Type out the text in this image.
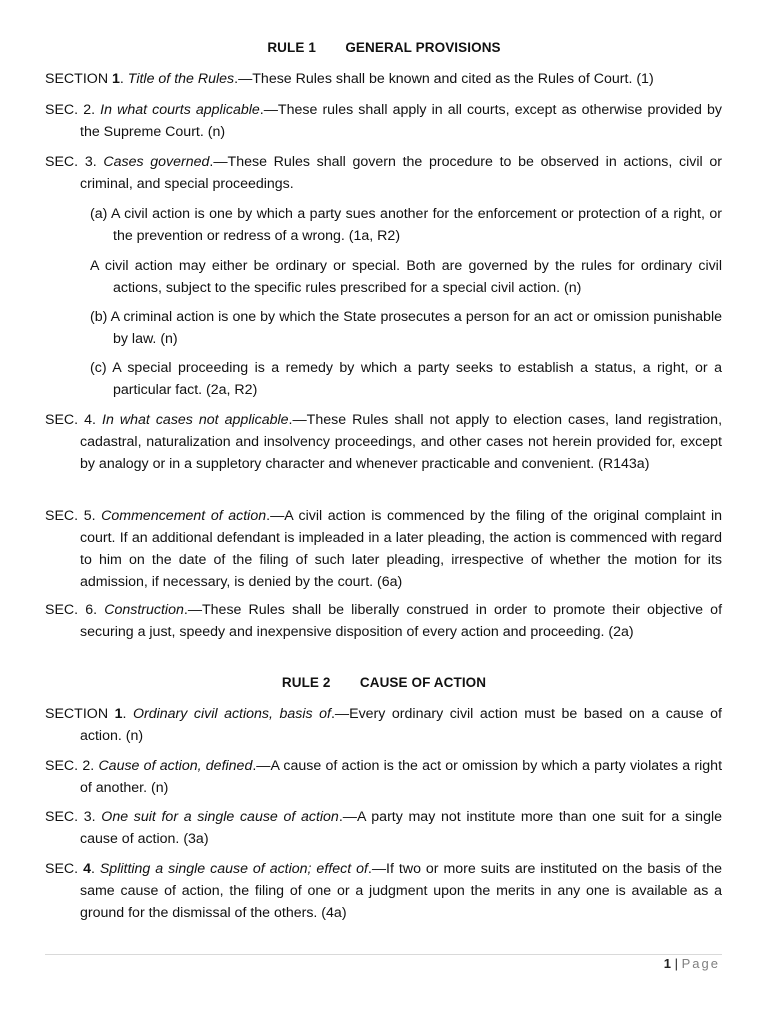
RULE 1 GENERAL PROVISIONS
SECTION 1. Title of the Rules.—These Rules shall be known and cited as the Rules of Court. (1)
SEC. 2. In what courts applicable.—These rules shall apply in all courts, except as otherwise provided by the Supreme Court. (n)
SEC. 3. Cases governed.—These Rules shall govern the procedure to be observed in actions, civil or criminal, and special proceedings.
(a) A civil action is one by which a party sues another for the enforcement or protection of a right, or the prevention or redress of a wrong. (1a, R2)
A civil action may either be ordinary or special. Both are governed by the rules for ordinary civil actions, subject to the specific rules prescribed for a special civil action. (n)
(b) A criminal action is one by which the State prosecutes a person for an act or omission punishable by law. (n)
(c) A special proceeding is a remedy by which a party seeks to establish a status, a right, or a particular fact. (2a, R2)
SEC. 4. In what cases not applicable.—These Rules shall not apply to election cases, land registration, cadastral, naturalization and insolvency proceedings, and other cases not herein provided for, except by analogy or in a suppletory character and whenever practicable and convenient. (R143a)
SEC. 5. Commencement of action.—A civil action is commenced by the filing of the original complaint in court. If an additional defendant is impleaded in a later pleading, the action is commenced with regard to him on the date of the filing of such later pleading, irrespective of whether the motion for its admission, if necessary, is denied by the court. (6a)
SEC. 6. Construction.—These Rules shall be liberally construed in order to promote their objective of securing a just, speedy and inexpensive disposition of every action and proceeding. (2a)
RULE 2 CAUSE OF ACTION
SECTION 1. Ordinary civil actions, basis of.—Every ordinary civil action must be based on a cause of action. (n)
SEC. 2. Cause of action, defined.—A cause of action is the act or omission by which a party violates a right of another. (n)
SEC. 3. One suit for a single cause of action.—A party may not institute more than one suit for a single cause of action. (3a)
SEC. 4. Splitting a single cause of action; effect of.—If two or more suits are instituted on the basis of the same cause of action, the filing of one or a judgment upon the merits in any one is available as a ground for the dismissal of the others. (4a)
1 | Page
